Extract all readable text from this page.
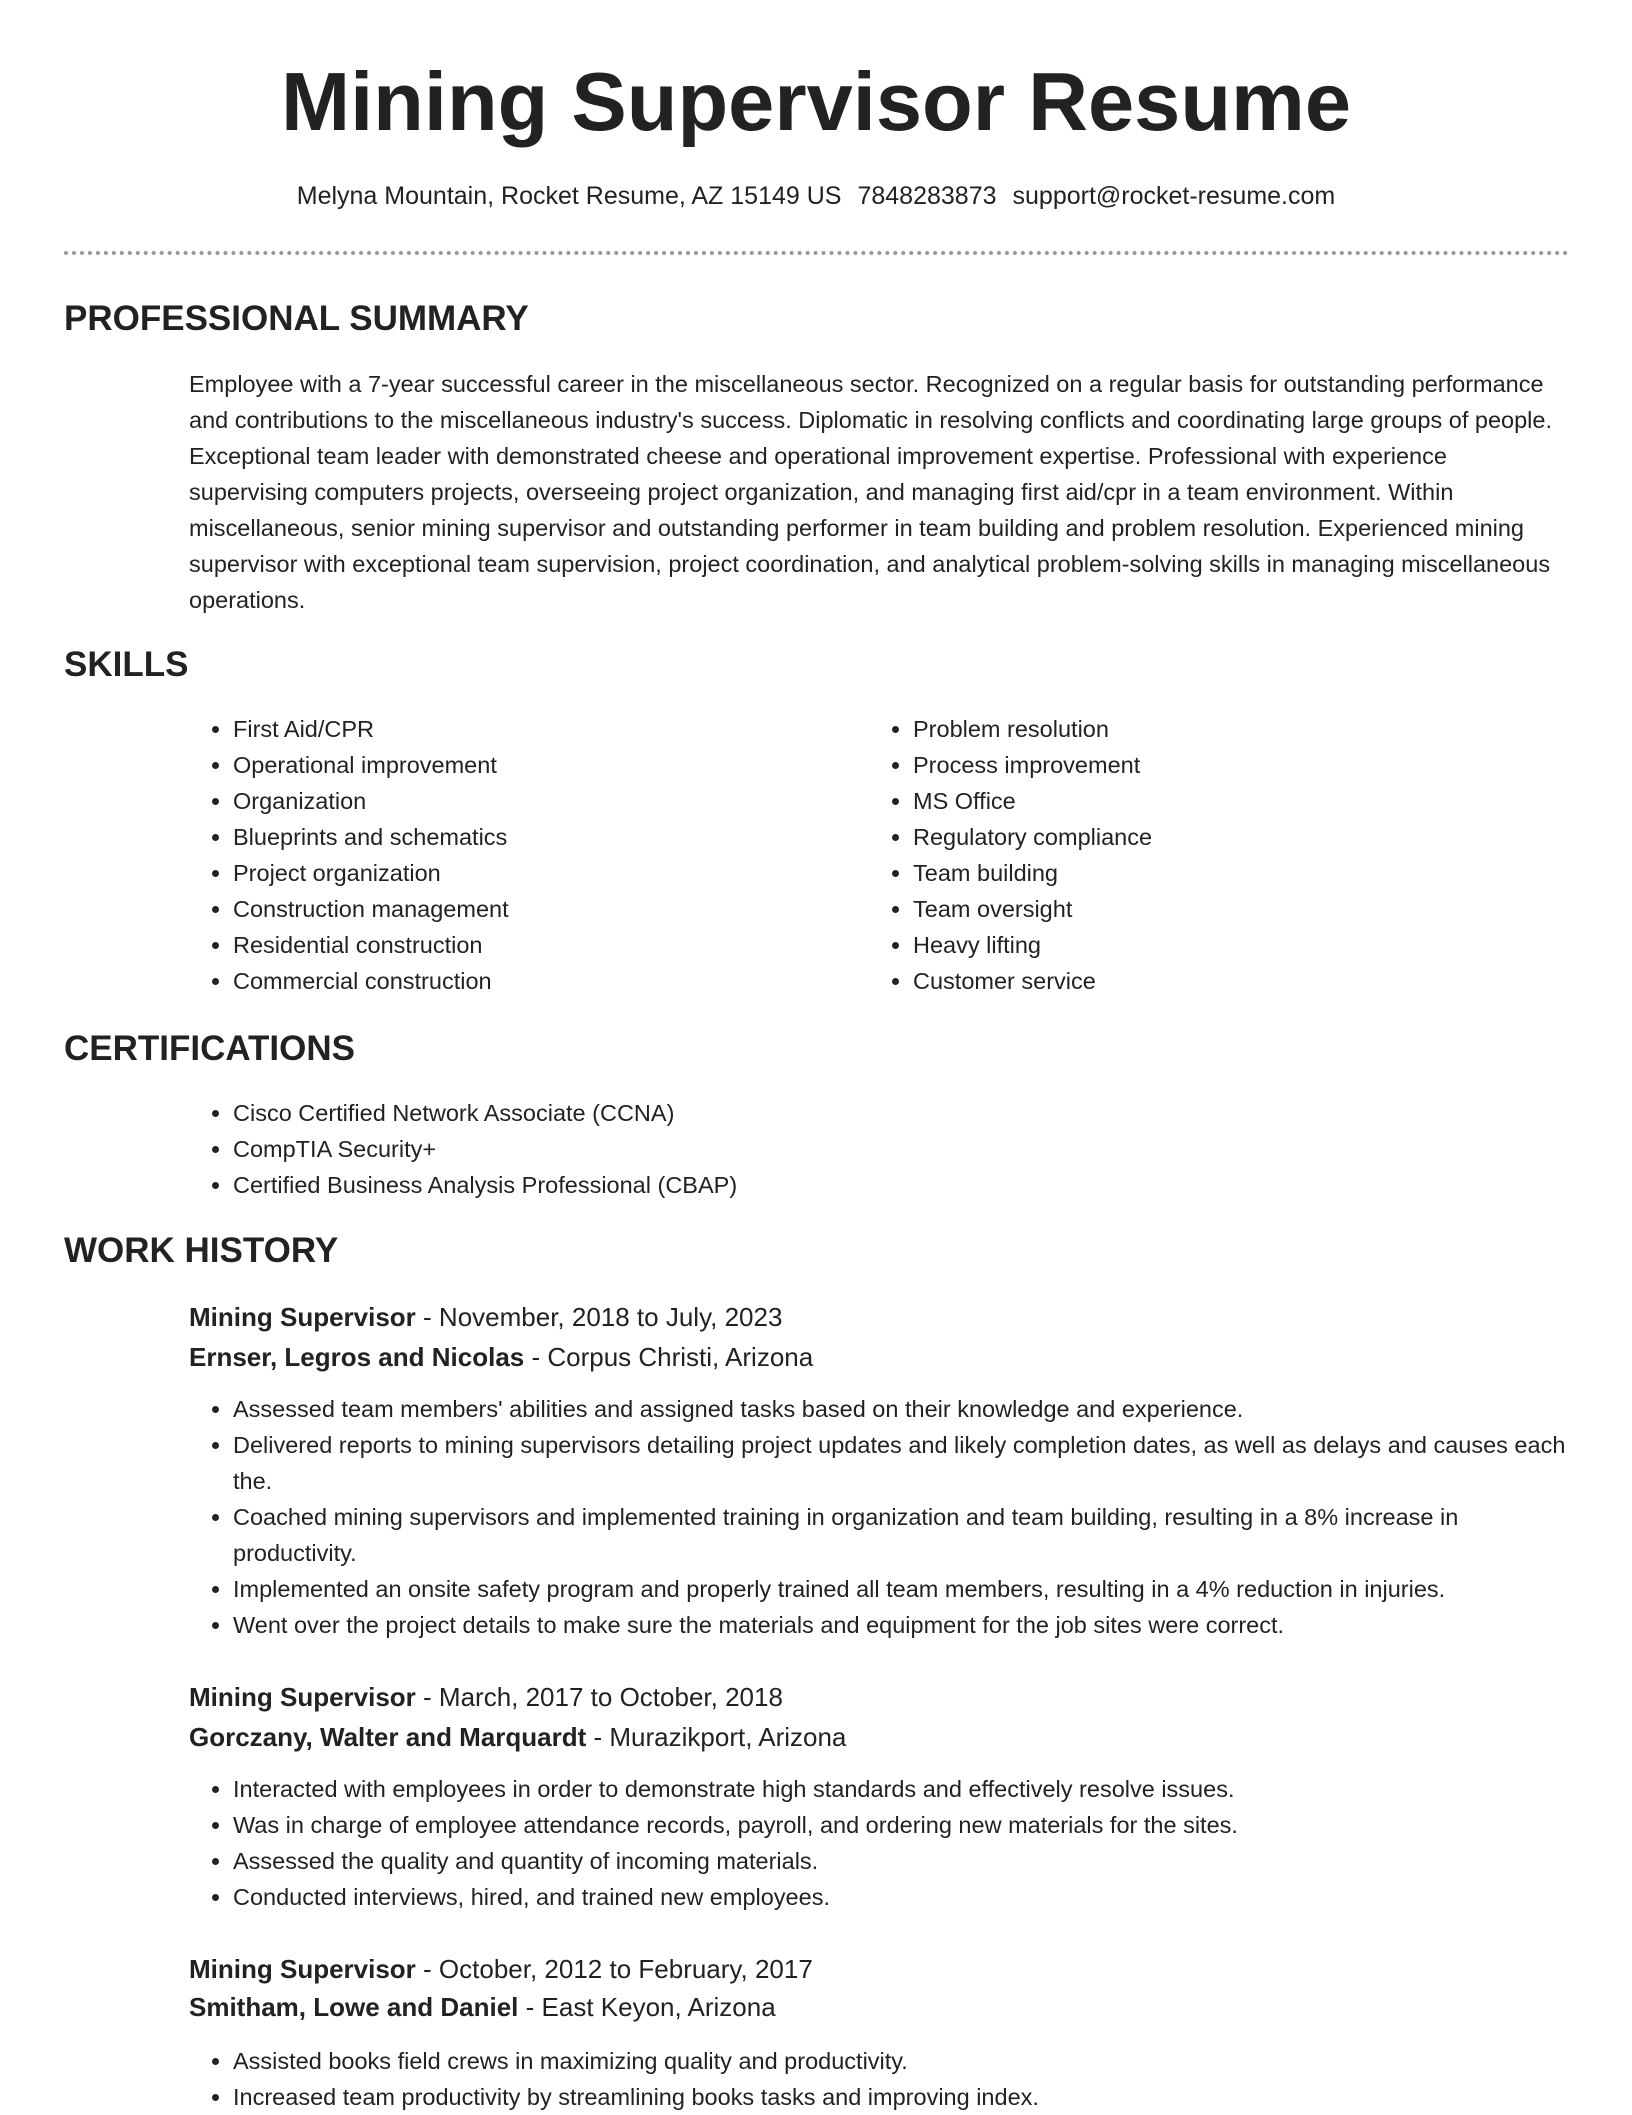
Mining Supervisor Resume
Melyna Mountain, Rocket Resume, AZ 15149 US 7848283873 support@rocket-resume.com
PROFESSIONAL SUMMARY

Employee with a 7-year successful career in the miscellaneous sector. Recognized on a regular basis for outstanding performance and contributions to the miscellaneous industry's success. Diplomatic in resolving conflicts and coordinating large groups of people. Exceptional team leader with demonstrated cheese and operational improvement expertise. Professional with experience supervising computers projects, overseeing project organization, and managing first aid/cpr in a team environment. Within miscellaneous, senior mining supervisor and outstanding performer in team building and problem resolution. Experienced mining supervisor with exceptional team supervision, project coordination, and analytical problem-solving skills in managing miscellaneous operations.

SKILLS
• First Aid/CPR
• Operational improvement
• Organization
• Blueprints and schematics
• Project organization
• Construction management
• Residential construction
• Commercial construction
• Problem resolution
• Process improvement
• MS Office
• Regulatory compliance
• Team building
• Team oversight
• Heavy lifting
• Customer service
CERTIFICATIONS
• Cisco Certified Network Associate (CCNA)
• CompTIA Security+
• Certified Business Analysis Professional (CBAP)
WORK HISTORY
Mining Supervisor - November, 2018 to July, 2023
Ernser, Legros and Nicolas - Corpus Christi, Arizona
• Assessed team members' abilities and assigned tasks based on their knowledge and experience.
• Delivered reports to mining supervisors detailing project updates and likely completion dates, as well as delays and causes each the.
• Coached mining supervisors and implemented training in organization and team building, resulting in a 8% increase in productivity.
• Implemented an onsite safety program and properly trained all team members, resulting in a 4% reduction in injuries.
• Went over the project details to make sure the materials and equipment for the job sites were correct.
Mining Supervisor - March, 2017 to October, 2018
Gorczany, Walter and Marquardt - Murazikport, Arizona
• Interacted with employees in order to demonstrate high standards and effectively resolve issues.
• Was in charge of employee attendance records, payroll, and ordering new materials for the sites.
• Assessed the quality and quantity of incoming materials.
• Conducted interviews, hired, and trained new employees.
Mining Supervisor - October, 2012 to February, 2017
Smitham, Lowe and Daniel - East Keyon, Arizona
• Assisted books field crews in maximizing quality and productivity.
• Increased team productivity by streamlining books tasks and improving index.
